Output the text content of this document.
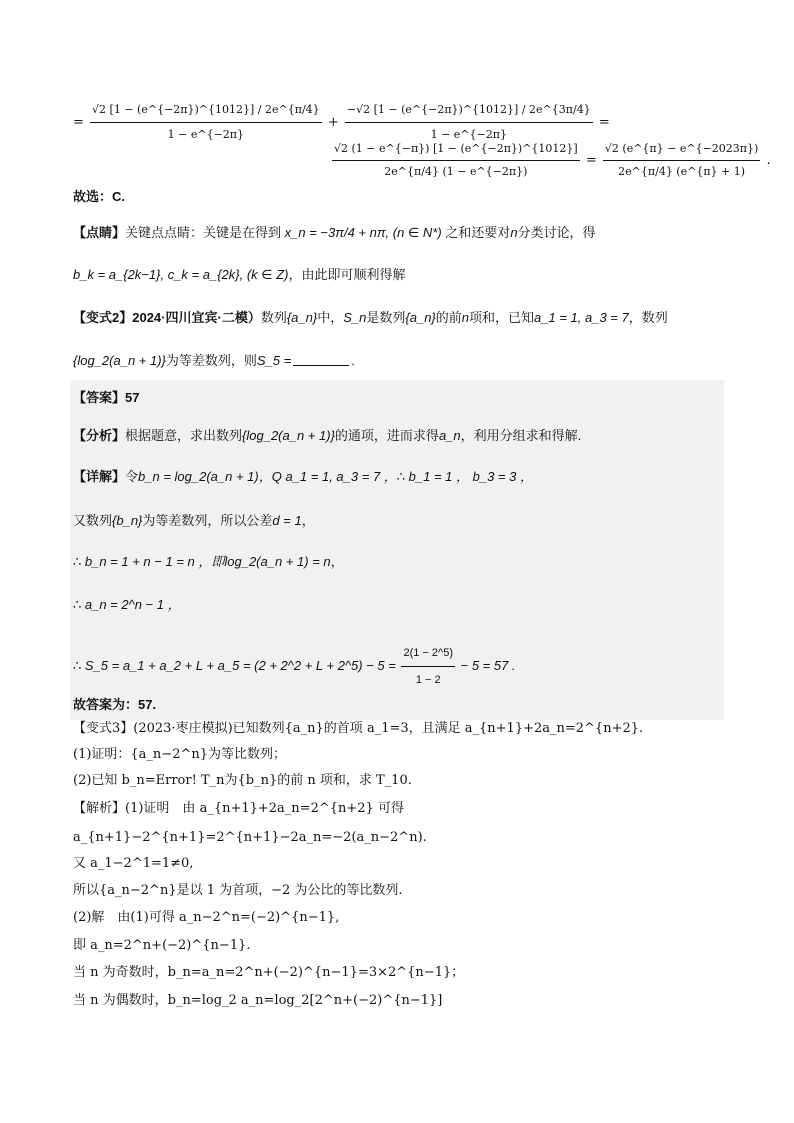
= $\frac{√2 [1 - (e\^{}\{-2\pi\})\^{}\{1012\}] / 2e\^{}\{\pi/4\}}{1 - e\^{}\{-2\pi\}} + \frac{-√2 [1 - (e\^{}\{-2\pi\})\^{}\{1012\}] / 2e\^{}\{3\pi/4\}}{1 - e\^{}\{-2\pi\}}$ =
$\frac{√2 (1 - e\^{}\{-\pi\}) [1 - (e\^{}\{-2\pi\})\^{}\{1012\}]}{2e\^{}\{\pi/4\} (1 - e\^{}\{-2\pi\})} = \frac{√2 (e\^{}\{\pi\} - e\^{}\{-2023\pi\})}{2e\^{}\{\pi/4\} (e\^{}\{\pi\} + 1)}$ .
故选：C.
【点睛】关键点点睛：关键是在得到 x_n = −3π/4 + nπ, (n ∈ N*) 之和还要对n分类讨论，得
b_k = a_{2k−1}, c_k = a_{2k}, (k ∈ Z)，由此即可顺利得解
【变式2】2024·四川宜宾·二模）数列{a_n}中，S_n是数列{a_n}的前n项和，已知a_1 = 1, a_3 = 7，数列
{log_2(a_n + 1)}为等差数列，则S_5 =	.
【答案】57
【分析】根据题意，求出数列{log_2(a_n + 1)}的通项，进而求得a_n，利用分组求和得解.
【详解】令b_n = log_2(a_n + 1)，Q a_1 = 1, a_3 = 7 ，∴ b_1 = 1 ， b_3 = 3 ，
又数列{b_n}为等差数列，所以公差d = 1，
∴ b_n = 1 + n − 1 = n ，即log_2(a_n + 1) = n，
∴ a_n = 2^n − 1 ，
∴ S_5 = a_1 + a_2 + L + a_5 = (2 + 2^2 + L + 2^5) − $5 = \frac{2(1 - 2\^{}5)}{1 - 2} - 5 = 57$ .
故答案为：57.
【变式3】(2023·枣庄模拟)已知数列{a_n}的首项 a_1=3，且满足 a_{n+1}+2a_n=2^{n+2}.
(1)证明：{a_n−2^n}为等比数列；
(2)已知 b_n=Error! T_n为{b_n}的前 n 项和，求 T_10.
【解析】(1)证明　由 a_{n+1}+2a_n=2^{n+2} 可得
a_{n+1}−2^{n+1}=2^{n+1}−2a_n=−2(a_n−2^n).
又 a_1−2^1=1≠0,
所以{a_n−2^n}是以 1 为首项，−2 为公比的等比数列.
(2)解　由(1)可得 a_n−2^n=(−2)^{n−1},
即 a_n=2^n+(−2)^{n−1}.
当 n 为奇数时，b_n=a_n=2^n+(−2)^{n−1}=3×2^{n−1}；
当 n 为偶数时，b_n=log_2 a_n=log_2[2^n+(−2)^{n−1}]
